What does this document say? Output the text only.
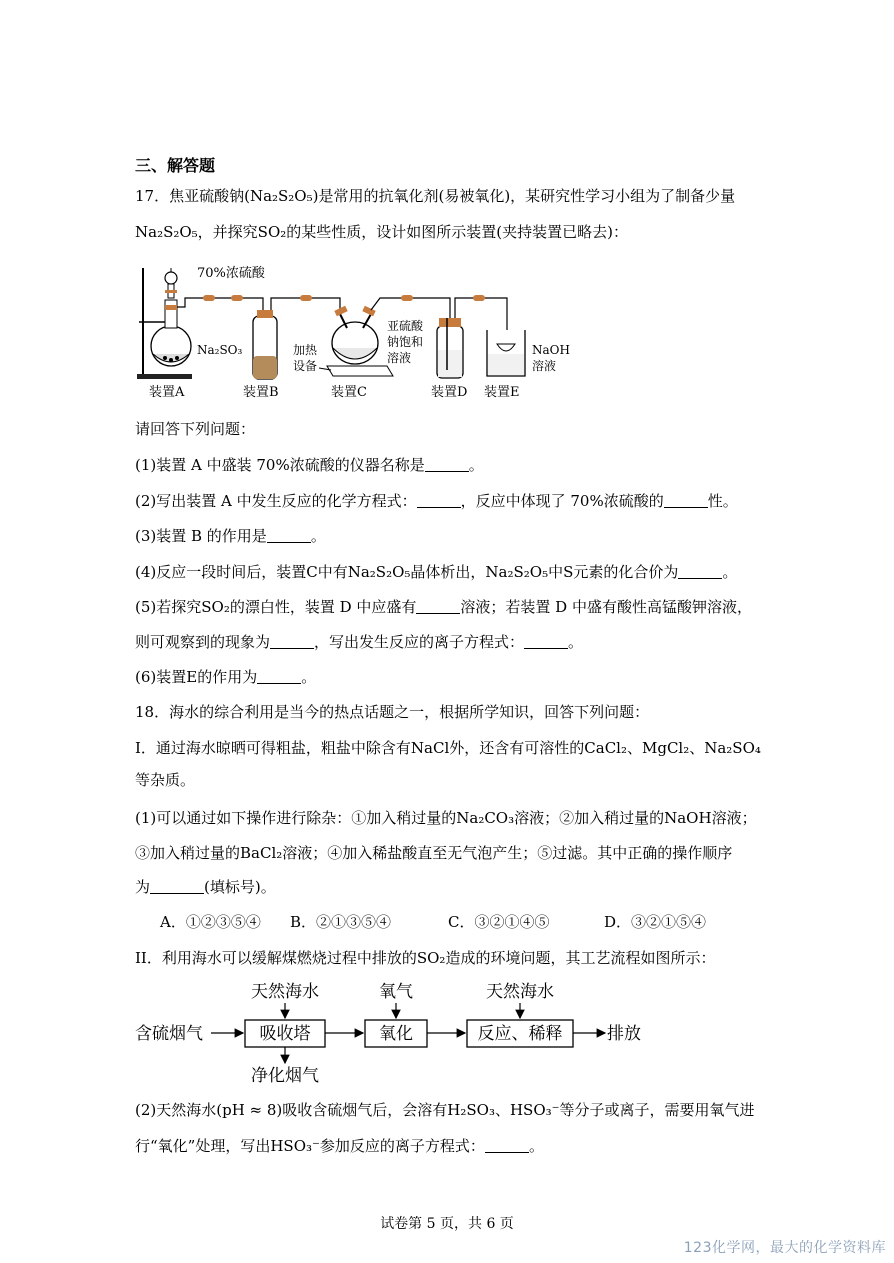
三、解答题
17．焦亚硫酸钠(Na₂S₂O₅)是常用的抗氧化剂(易被氧化)，某研究性学习小组为了制备少量
Na₂S₂O₅，并探究SO₂的某些性质，设计如图所示装置(夹持装置已略去)：
70%浓硫酸
Na₂SO₃	加热
设备
亚硫酸
钠饱和
溶液
NaOH
溶液
装置A	装置B	装置C	装置D 装置E
请回答下列问题：
(1)装置 A 中盛装 70%浓硫酸的仪器名称是	。
(2)写出装置 A 中发生反应的化学方程式：	，反应中体现了 70%浓硫酸的	性。
(3)装置 B 的作用是	。
(4)反应一段时间后，装置C中有Na₂S₂O₅晶体析出，Na₂S₂O₅中S元素的化合价为	。
(5)若探究SO₂的漂白性，装置 D 中应盛有	溶液；若装置 D 中盛有酸性高锰酸钾溶液，
则可观察到的现象为	，写出发生反应的离子方程式：	。
(6)装置E的作用为	。
18．海水的综合利用是当今的热点话题之一，根据所学知识，回答下列问题：
I．通过海水晾晒可得粗盐，粗盐中除含有NaCl外，还含有可溶性的CaCl₂、MgCl₂、Na₂SO₄
等杂质。
(1)可以通过如下操作进行除杂：①加入稍过量的Na₂CO₃溶液；②加入稍过量的NaOH溶液；
③加入稍过量的BaCl₂溶液；④加入稀盐酸直至无气泡产生；⑤过滤。其中正确的操作顺序
为	(填标号)。
A．①②③⑤④ B．②①③⑤④	C．③②①④⑤	D．③②①⑤④
II．利用海水可以缓解煤燃烧过程中排放的SO₂造成的环境问题，其工艺流程如图所示：
含硫烟气	吸收塔	氧化	反应、稀释	排放
天然海水	氧气	天然海水
净化烟气
(2)天然海水(pH ≈ 8)吸收含硫烟气后，会溶有H₂SO₃、HSO₃⁻等分子或离子，需要用氧气进
行“氧化”处理，写出HSO₃⁻参加反应的离子方程式：	。
试卷第 5 页，共 6 页
123化学网，最大的化学资料库
